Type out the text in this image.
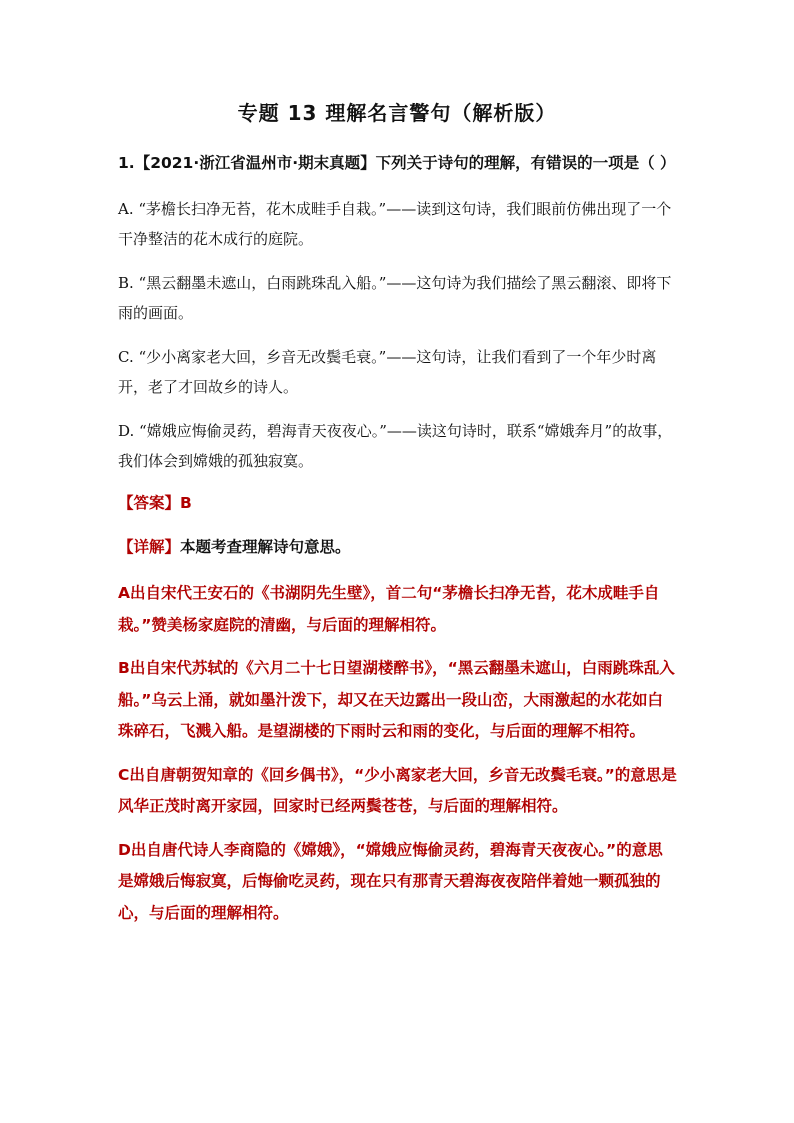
专题 13 理解名言警句（解析版）

1.【2021·浙江省温州市·期末真题】下列关于诗句的理解，有错误的一项是（ ）

A. “茅檐长扫净无苔，花木成畦手自栽。”——读到这句诗，我们眼前仿佛出现了一个干净整洁的花木成行的庭院。

B. “黑云翻墨未遮山，白雨跳珠乱入船。”——这句诗为我们描绘了黑云翻滚、即将下雨的画面。

C. “少小离家老大回，乡音无改鬓毛衰。”——这句诗，让我们看到了一个年少时离开，老了才回故乡的诗人。

D. “嫦娥应悔偷灵药，碧海青天夜夜心。”——读这句诗时，联系“嫦娥奔月”的故事，我们体会到嫦娥的孤独寂寞。

【答案】B

【详解】本题考查理解诗句意思。

A出自宋代王安石的《书湖阴先生壁》，首二句“茅檐长扫净无苔，花木成畦手自栽。”赞美杨家庭院的清幽，与后面的理解相符。

B出自宋代苏轼的《六月二十七日望湖楼醉书》，“黑云翻墨未遮山，白雨跳珠乱入船。”乌云上涌，就如墨汁泼下，却又在天边露出一段山峦，大雨激起的水花如白珠碎石，飞溅入船。是望湖楼的下雨时云和雨的变化，与后面的理解不相符。

C出自唐朝贺知章的《回乡偶书》，“少小离家老大回，乡音无改鬓毛衰。”的意思是风华正茂时离开家园，回家时已经两鬓苍苍，与后面的理解相符。

D出自唐代诗人李商隐的《嫦娥》，“嫦娥应悔偷灵药，碧海青天夜夜心。”的意思是嫦娥后悔寂寞，后悔偷吃灵药，现在只有那青天碧海夜夜陪伴着她一颗孤独的心，与后面的理解相符。
